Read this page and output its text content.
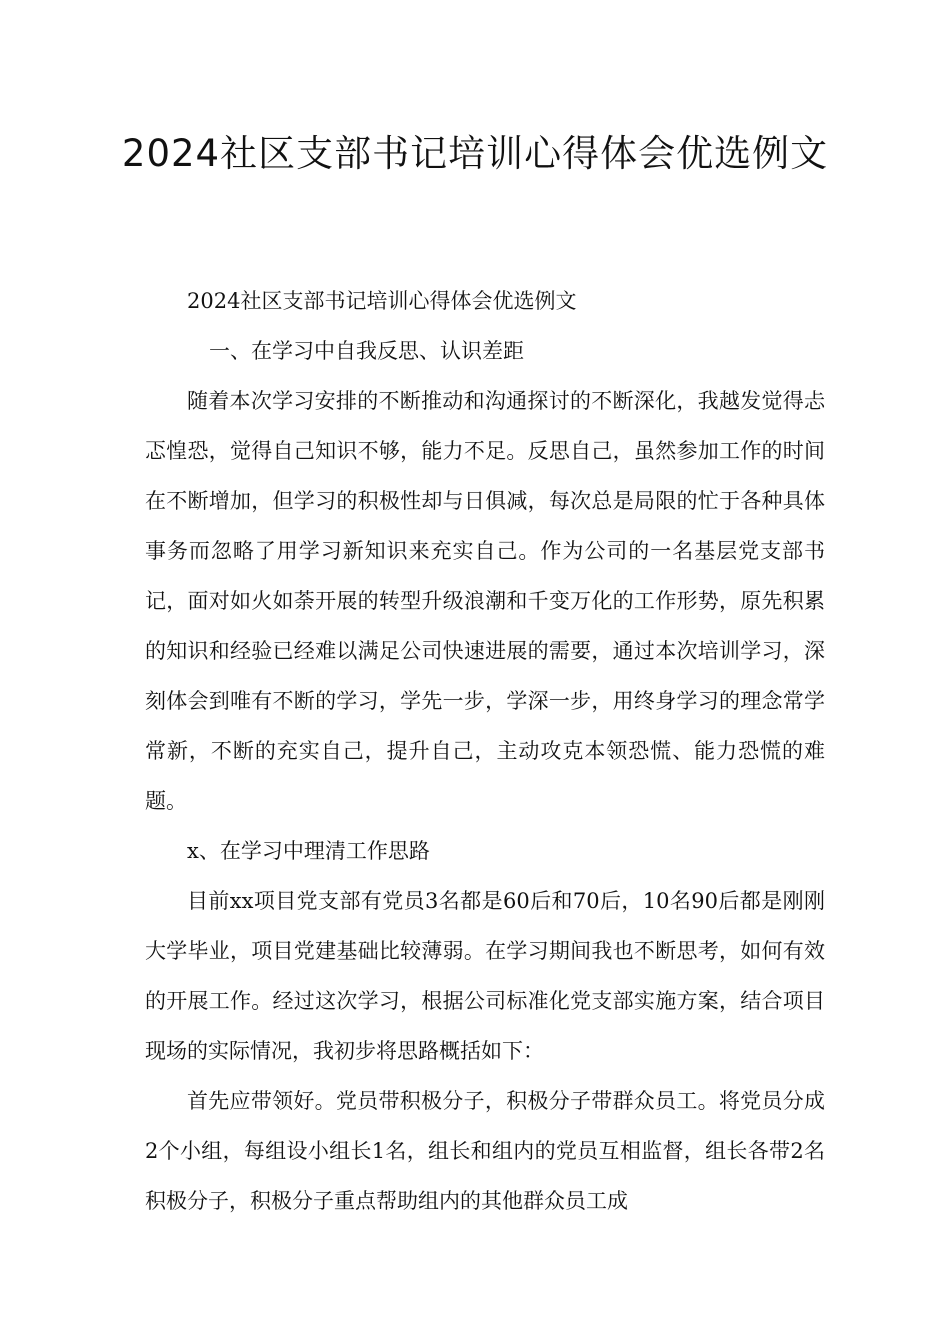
2024社区支部书记培训心得体会优选例文

2024社区支部书记培训心得体会优选例文

一、在学习中自我反思、认识差距

随着本次学习安排的不断推动和沟通探讨的不断深化，我越发觉得忐忑惶恐，觉得自己知识不够，能力不足。反思自己，虽然参加工作的时间在不断增加，但学习的积极性却与日俱减，每次总是局限的忙于各种具体事务而忽略了用学习新知识来充实自己。作为公司的一名基层党支部书记，面对如火如荼开展的转型升级浪潮和千变万化的工作形势，原先积累的知识和经验已经难以满足公司快速进展的需要，通过本次培训学习，深刻体会到唯有不断的学习，学先一步，学深一步，用终身学习的理念常学常新，不断的充实自己，提升自己，主动攻克本领恐慌、能力恐慌的难题。

x、在学习中理清工作思路

目前xx项目党支部有党员3名都是60后和70后，10名90后都是刚刚大学毕业，项目党建基础比较薄弱。在学习期间我也不断思考，如何有效的开展工作。经过这次学习，根据公司标准化党支部实施方案，结合项目现场的实际情况，我初步将思路概括如下：

首先应带领好。党员带积极分子，积极分子带群众员工。将党员分成2个小组，每组设小组长1名，组长和组内的党员互相监督，组长各带2名积极分子，积极分子重点帮助组内的其他群众员工成
